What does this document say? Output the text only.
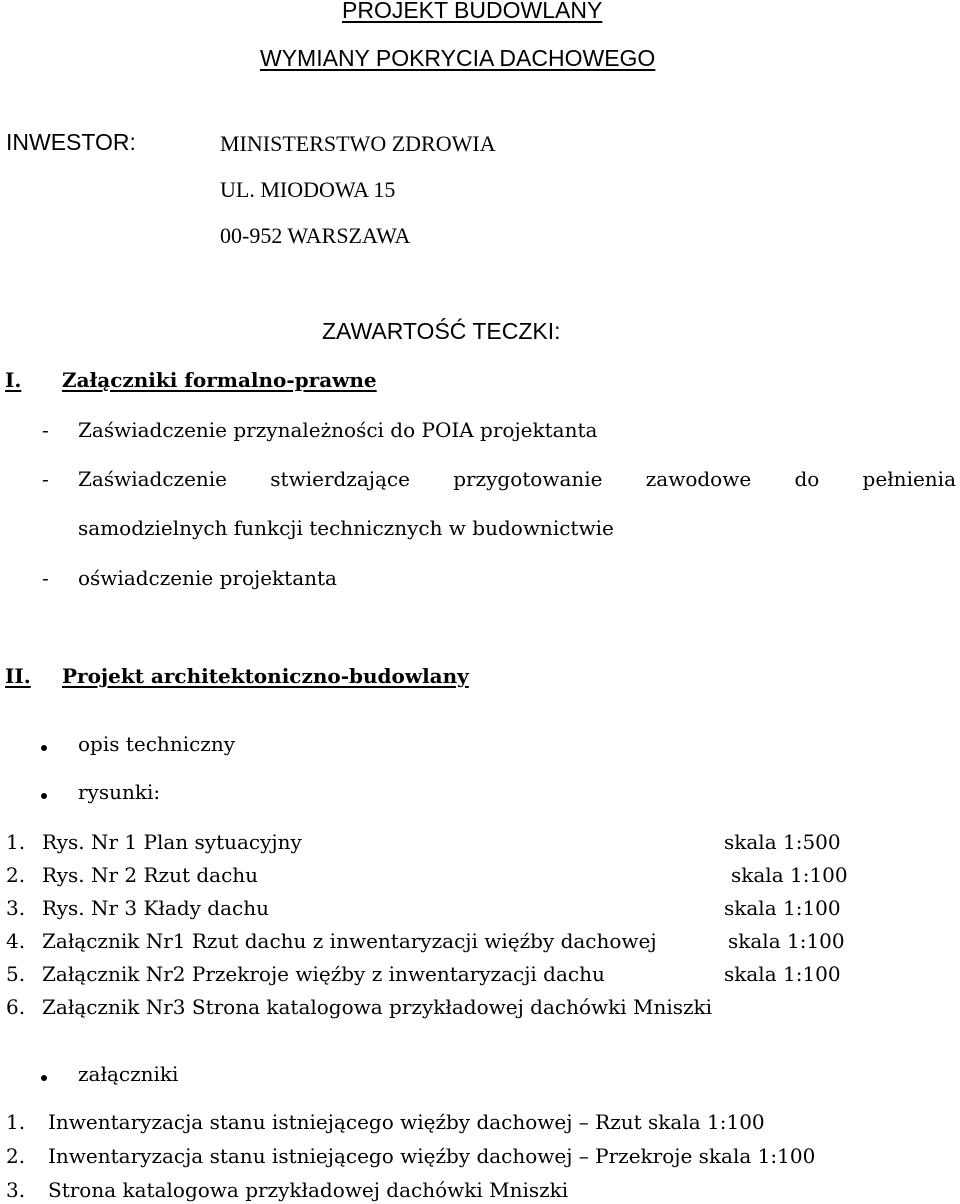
PROJEKT BUDOWLANY
WYMIANY POKRYCIA DACHOWEGO
INWESTOR:	MINISTERSTWO ZDROWIA
UL. MIODOWA 15
00-952 WARSZAWA
ZAWARTOŚĆ TECZKI:
I. Załączniki formalno-prawne
- Zaświadczenie przynależności do POIA projektanta
- Zaświadczenie stwierdzające przygotowanie zawodowe do pełnienia
samodzielnych funkcji technicznych w budownictwie
- oświadczenie projektanta
II. Projekt architektoniczno-budowlany
opis techniczny
rysunki:
1. Rys. Nr 1 Plan sytuacyjny	skala 1:500
2. Rys. Nr 2 Rzut dachu	skala 1:100
3. Rys. Nr 3 Kłady dachu	skala 1:100
4. Załącznik Nr1 Rzut dachu z inwentaryzacji więźby dachowej	skala 1:100
5. Załącznik Nr2 Przekroje więźby z inwentaryzacji dachu	skala 1:100
6. Załącznik Nr3 Strona katalogowa przykładowej dachówki Mniszki
załączniki
1. Inwentaryzacja stanu istniejącego więźby dachowej – Rzut skala 1:100
2. Inwentaryzacja stanu istniejącego więźby dachowej – Przekroje skala 1:100
3. Strona katalogowa przykładowej dachówki Mniszki
